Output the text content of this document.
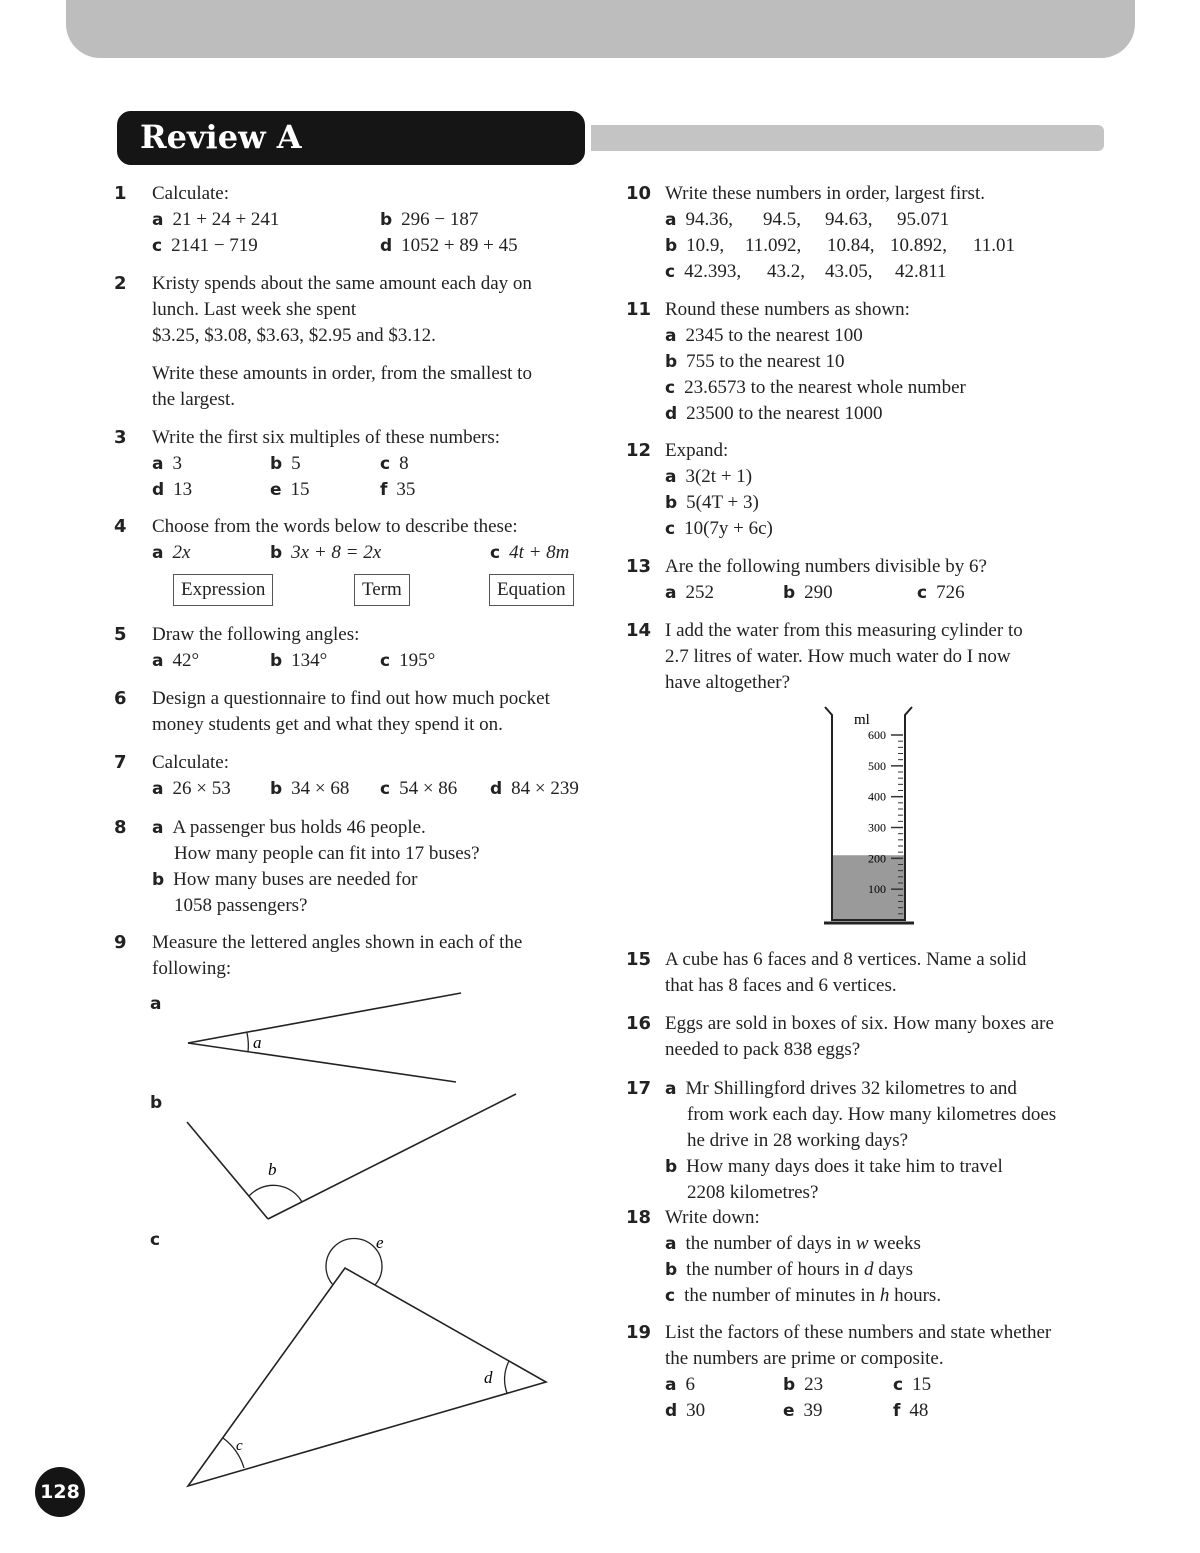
Review A
1 Calculate:
a 21 + 24 + 241	b 296 − 187
c 2141 − 719	d 1052 + 89 + 45
2 Kristy spends about the same amount each day on
lunch. Last week she spent
$3.25, $3.08, $3.63, $2.95 and $3.12.
Write these amounts in order, from the smallest to
the largest.
3 Write the first six multiples of these numbers:
a 3	b 5	c 8
d 13	e 15	f 35
4 Choose from the words below to describe these:
a 2x	b 3x + 8 = 2x	c 4t + 8m
Expression	Term	Equation
5 Draw the following angles:
a 42°	b 134°	c 195°
6 Design a questionnaire to find out how much pocket
money students get and what they spend it on.
7 Calculate:
a 26 × 53 b 34 × 68 c 54 × 86 d 84 × 239
8 a A passenger bus holds 46 people.
How many people can fit into 17 buses?
b How many buses are needed for
1058 passengers?
9 Measure the lettered angles shown in each of the
following:
a
b
c
a
b
e
d
c
10 Write these numbers in order, largest first.
a 94.36, 94.5, 94.63, 95.071
b 10.9, 11.092, 10.84, 10.892, 11.01
c 42.393, 43.2, 43.05, 42.811
11 Round these numbers as shown:
a 2345 to the nearest 100
b 755 to the nearest 10
c 23.6573 to the nearest whole number
d 23500 to the nearest 1000
12 Expand:
a 3(2t + 1)
b 5(4T + 3)
c 10(7y + 6c)
13 Are the following numbers divisible by 6?
a 252	b 290	c 726
14 I add the water from this measuring cylinder to
2.7 litres of water. How much water do I now
have altogether?
ml
600
500
400
300
200
100
15 A cube has 6 faces and 8 vertices. Name a solid
that has 8 faces and 6 vertices.
16 Eggs are sold in boxes of six. How many boxes are
needed to pack 838 eggs?
17 a Mr Shillingford drives 32 kilometres to and
from work each day. How many kilometres does
he drive in 28 working days?
b How many days does it take him to travel
2208 kilometres?
18 Write down:
a the number of days in w weeks
b the number of hours in d days
c the number of minutes in h hours.
19 List the factors of these numbers and state whether
the numbers are prime or composite.
a 6	b 23	c 15
d 30	e 39	f 48
128
